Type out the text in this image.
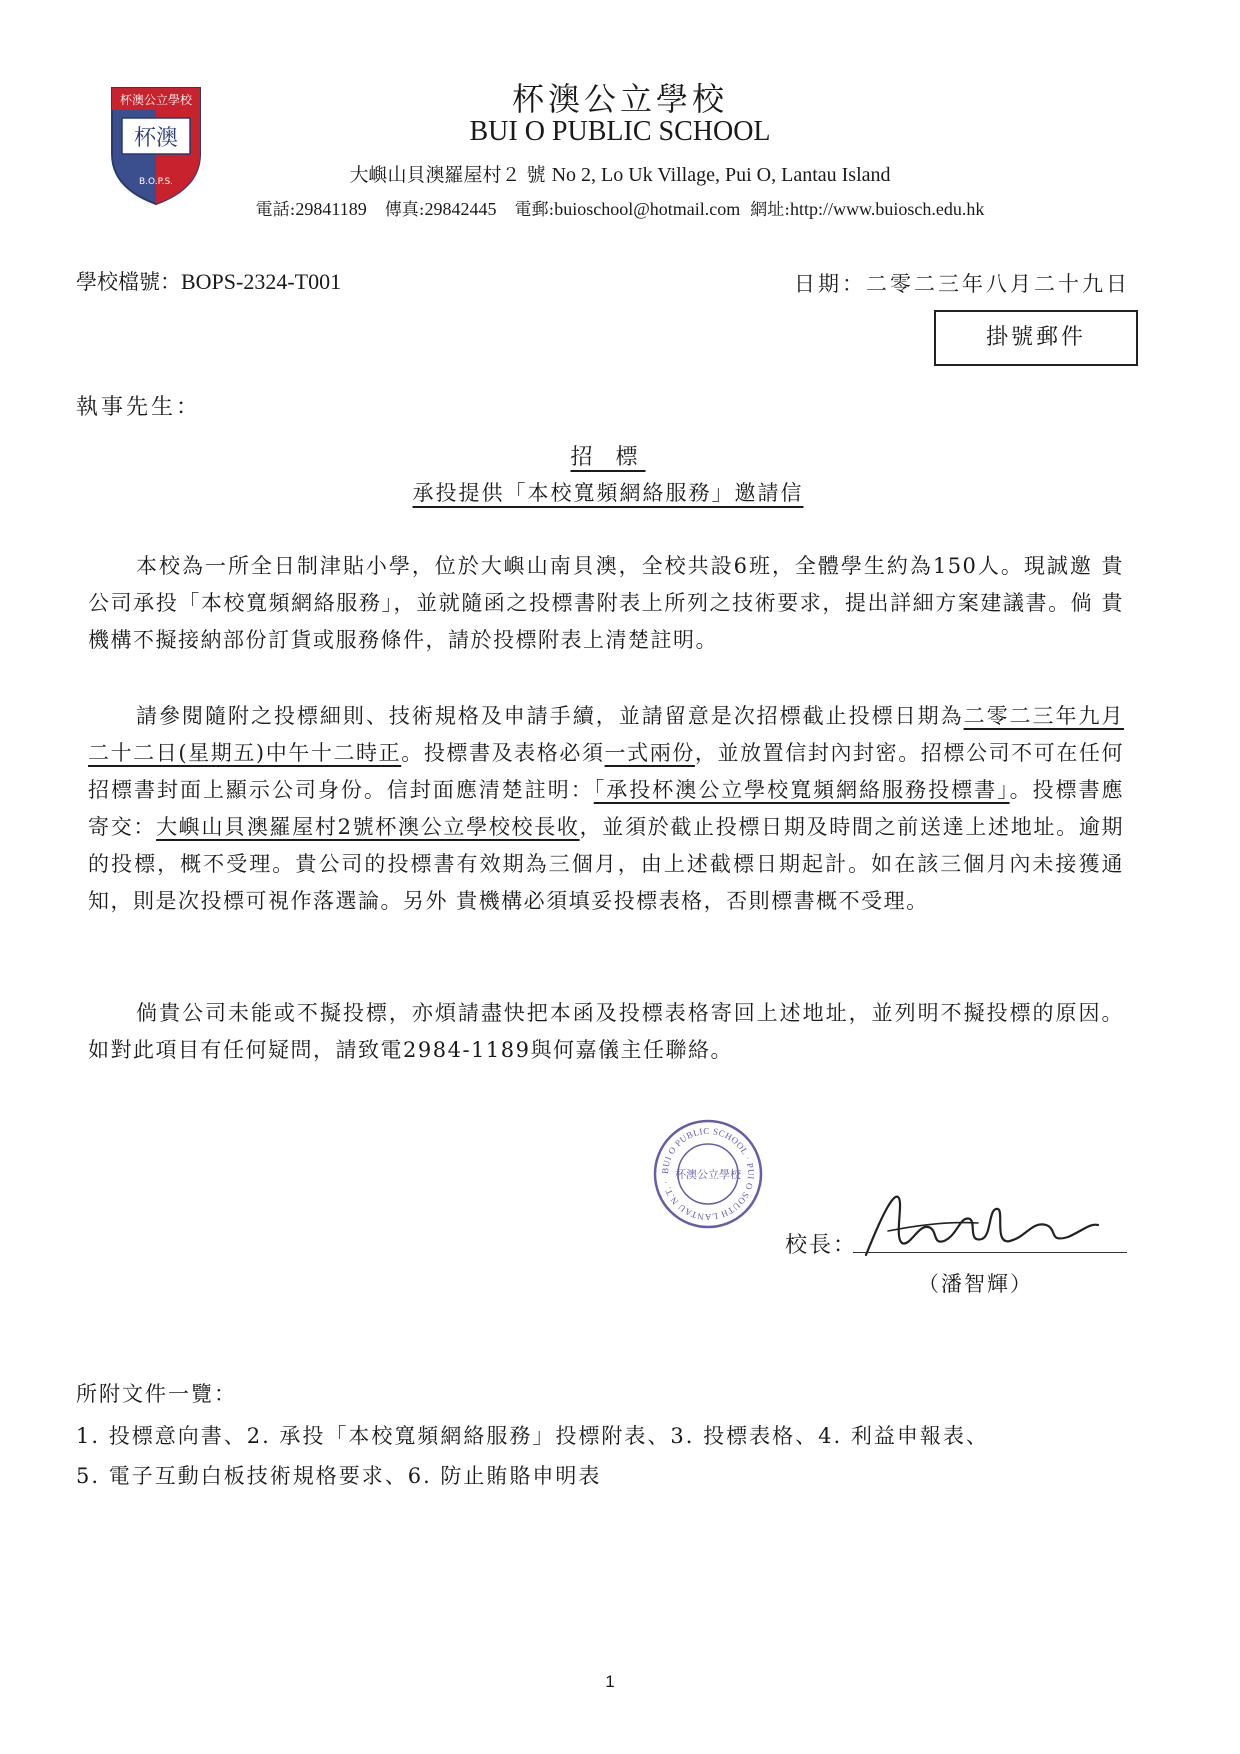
杯澳公立學校
杯澳
B.O.P.S.
杯澳公立學校
BUI O PUBLIC SCHOOL
大嶼山貝澳羅屋村２ 號 No 2, Lo Uk Village, Pui O, Lantau Island
電話:29841189 傳真:29842445 電郵:buioschool@hotmail.com 網址:http://www.buiosch.edu.hk
學校檔號：BOPS-2324-T001	日期：二零二三年八月二十九日
掛號郵件
執事先生：
招 標
承投提供「本校寬頻網絡服務」邀請信

本校為一所全日制津貼小學，位於大嶼山南貝澳，全校共設6班，全體學生約為150人。現誠邀 貴公司承投「本校寬頻網絡服務」，並就隨函之投標書附表上所列之技術要求，提出詳細方案建議書。倘 貴機構不擬接納部份訂貨或服務條件，請於投標附表上清楚註明。

請參閱隨附之投標細則、技術規格及申請手續，並請留意是次招標截止投標日期為二零二三年九月二十二日(星期五)中午十二時正。投標書及表格必須一式兩份，並放置信封內封密。招標公司不可在任何招標書封面上顯示公司身份。信封面應清楚註明：「承投杯澳公立學校寬頻網絡服務投標書」。投標書應寄交：大嶼山貝澳羅屋村2號杯澳公立學校校長收，並須於截止投標日期及時間之前送達上述地址。逾期的投標，概不受理。貴公司的投標書有效期為三個月，由上述截標日期起計。如在該三個月內未接獲通知，則是次投標可視作落選論。另外 貴機構必須填妥投標表格，否則標書概不受理。

倘貴公司未能或不擬投標，亦煩請盡快把本函及投標表格寄回上述地址，並列明不擬投標的原因。如對此項目有任何疑問，請致電2984-1189與何嘉儀主任聯絡。

BUI O PUBLIC SCHOOL · PUI O SOUTH LANTAU N.T. ·
杯澳公立學校
校長：
（潘智輝）
所附文件一覽：
1. 投標意向書、2. 承投「本校寬頻網絡服務」投標附表、3. 投標表格、4. 利益申報表、
5. 電子互動白板技術規格要求、6. 防止賄賂申明表
1
